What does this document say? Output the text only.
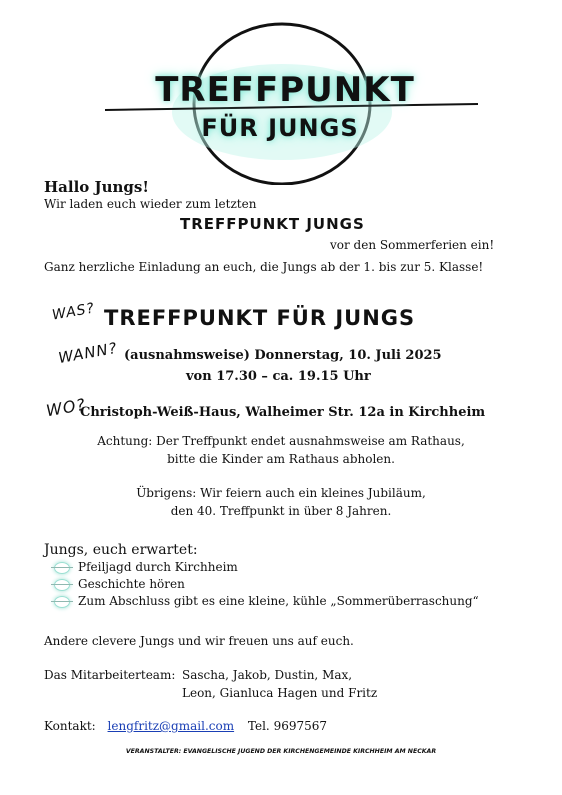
TREFFPUNKT
FÜR JUNGS
Hallo Jungs!
Wir laden euch wieder zum letzten
TREFFPUNKT JUNGS
vor den Sommerferien ein!
Ganz herzliche Einladung an euch, die Jungs ab der 1. bis zur 5. Klasse!
WAS? TREFFPUNKT FÜR JUNGS
WANN? (ausnahmsweise) Donnerstag, 10. Juli 2025
von 17.30 – ca. 19.15 Uhr
WO?
Christoph-Weiß-Haus, Walheimer Str. 12a in Kirchheim
Achtung: Der Treffpunkt endet ausnahmsweise am Rathaus,
bitte die Kinder am Rathaus abholen.
Übrigens: Wir feiern auch ein kleines Jubiläum,
den 40. Treffpunkt in über 8 Jahren.
Jungs, euch erwartet:
Pfeiljagd durch Kirchheim
Geschichte hören
Zum Abschluss gibt es eine kleine, kühle „Sommerüberraschung“
Andere clevere Jungs und wir freuen uns auf euch.
Das Mitarbeiterteam: Sascha, Jakob, Dustin, Max,
Leon, Gianluca Hagen und Fritz
Kontakt: lengfritz@gmail.com Tel. 9697567
VERANSTALTER: EVANGELISCHE JUGEND DER KIRCHENGEMEINDE KIRCHHEIM AM NECKAR
